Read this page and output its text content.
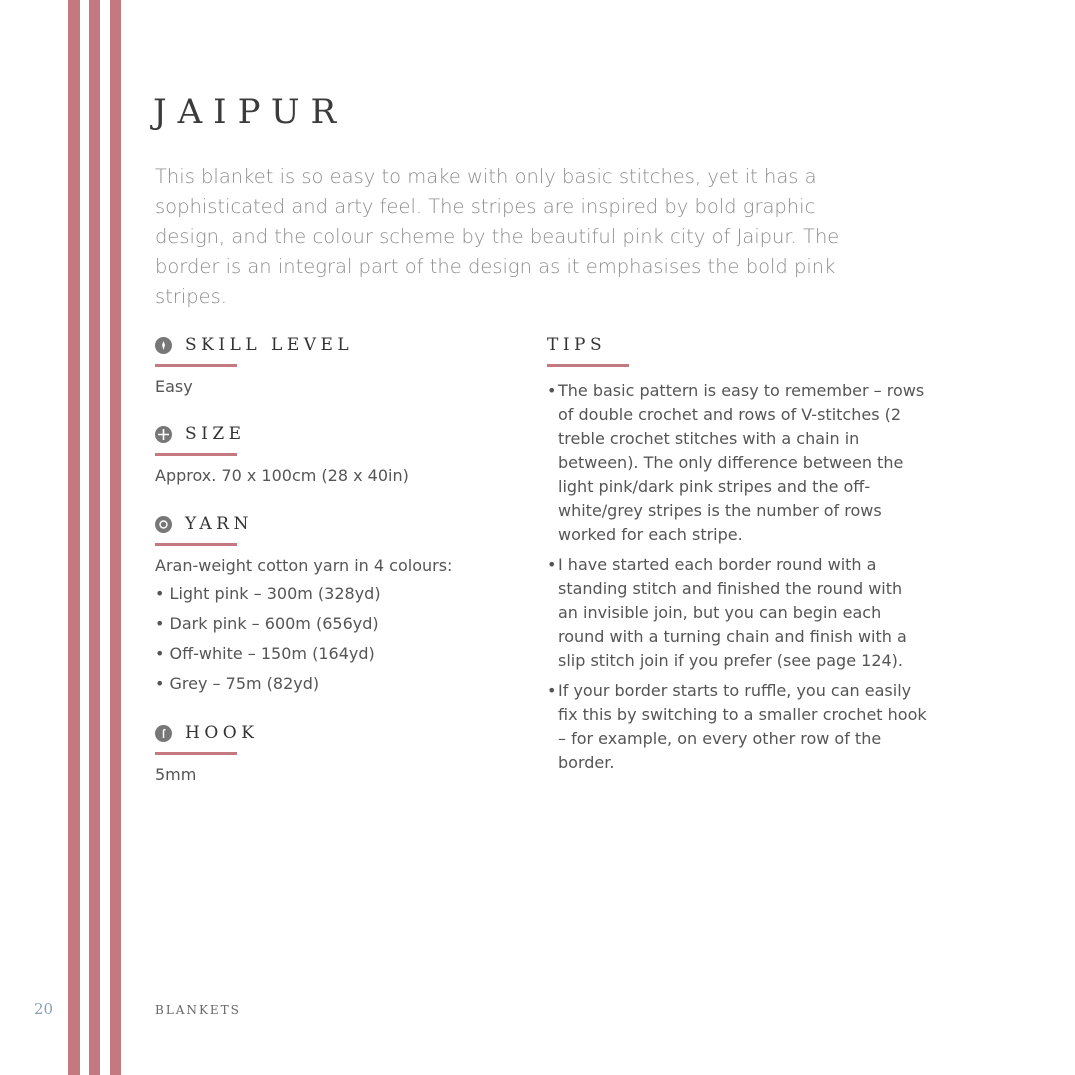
JAIPUR

This blanket is so easy to make with only basic stitches, yet it has a sophisticated and arty feel. The stripes are inspired by bold graphic design, and the colour scheme by the beautiful pink city of Jaipur. The border is an integral part of the design as it emphasises the bold pink stripes.

SKILL LEVEL
Easy
SIZE
Approx. 70 x 100cm (28 x 40in)
YARN
Aran-weight cotton yarn in 4 colours:
• Light pink – 300m (328yd)
• Dark pink – 600m (656yd)
• Off-white – 150m (164yd)
• Grey – 75m (82yd)
HOOK
5mm
TIPS
• The basic pattern is easy to remember – rows of double crochet and rows of V-stitches (2 treble crochet stitches with a chain in between). The only difference between the light pink/dark pink stripes and the off-white/grey stripes is the number of rows worked for each stripe.
• I have started each border round with a standing stitch and finished the round with an invisible join, but you can begin each round with a turning chain and finish with a slip stitch join if you prefer (see page 124).
• If your border starts to ruffle, you can easily fix this by switching to a smaller crochet hook – for example, on every other row of the border.
20	BLANKETS
